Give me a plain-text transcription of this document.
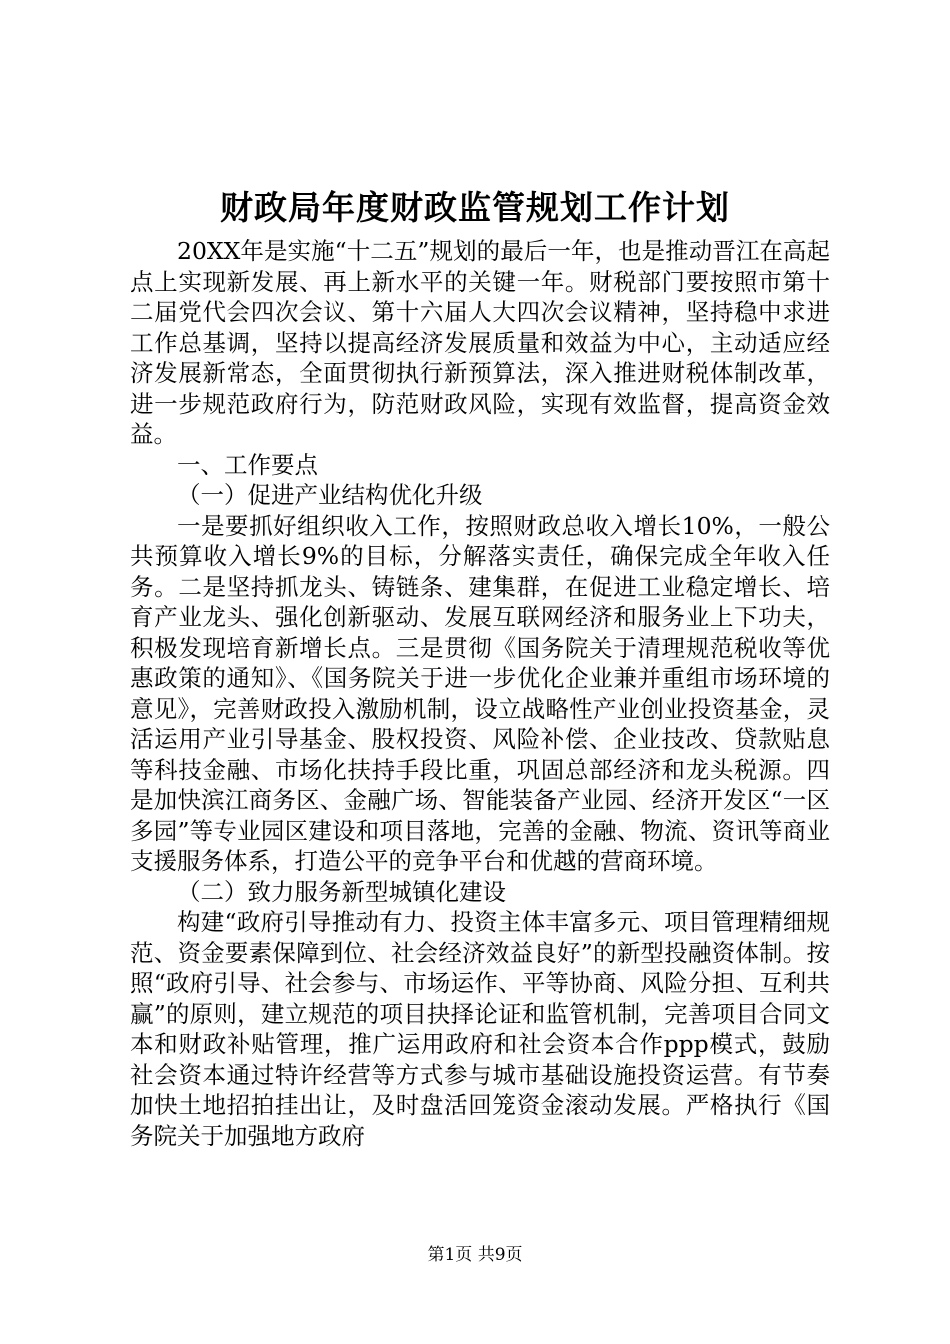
财政局年度财政监管规划工作计划

20XX年是实施“十二五”规划的最后一年，也是推动晋江在高起点上实现新发展、再上新水平的关键一年。财税部门要按照市第十二届党代会四次会议、第十六届人大四次会议精神，坚持稳中求进工作总基调，坚持以提高经济发展质量和效益为中心，主动适应经济发展新常态，全面贯彻执行新预算法，深入推进财税体制改革，进一步规范政府行为，防范财政风险，实现有效监督，提高资金效益。

一、工作要点

（一）促进产业结构优化升级

一是要抓好组织收入工作，按照财政总收入增长10%，一般公共预算收入增长9%的目标，分解落实责任，确保完成全年收入任务。二是坚持抓龙头、铸链条、建集群，在促进工业稳定增长、培育产业龙头、强化创新驱动、发展互联网经济和服务业上下功夫，积极发现培育新增长点。三是贯彻《国务院关于清理规范税收等优惠政策的通知》、《国务院关于进一步优化企业兼并重组市场环境的意见》，完善财政投入激励机制，设立战略性产业创业投资基金，灵活运用产业引导基金、股权投资、风险补偿、企业技改、贷款贴息等科技金融、市场化扶持手段比重，巩固总部经济和龙头税源。四是加快滨江商务区、金融广场、智能装备产业园、经济开发区“一区多园”等专业园区建设和项目落地，完善的金融、物流、资讯等商业支援服务体系，打造公平的竞争平台和优越的营商环境。

（二）致力服务新型城镇化建设

构建“政府引导推动有力、投资主体丰富多元、项目管理精细规范、资金要素保障到位、社会经济效益良好”的新型投融资体制。按照“政府引导、社会参与、市场运作、平等协商、风险分担、互利共赢”的原则，建立规范的项目抉择论证和监管机制，完善项目合同文本和财政补贴管理，推广运用政府和社会资本合作ppp模式，鼓励社会资本通过特许经营等方式参与城市基础设施投资运营。有节奏加快土地招拍挂出让，及时盘活回笼资金滚动发展。严格执行《国务院关于加强地方政府

第1页 共9页
